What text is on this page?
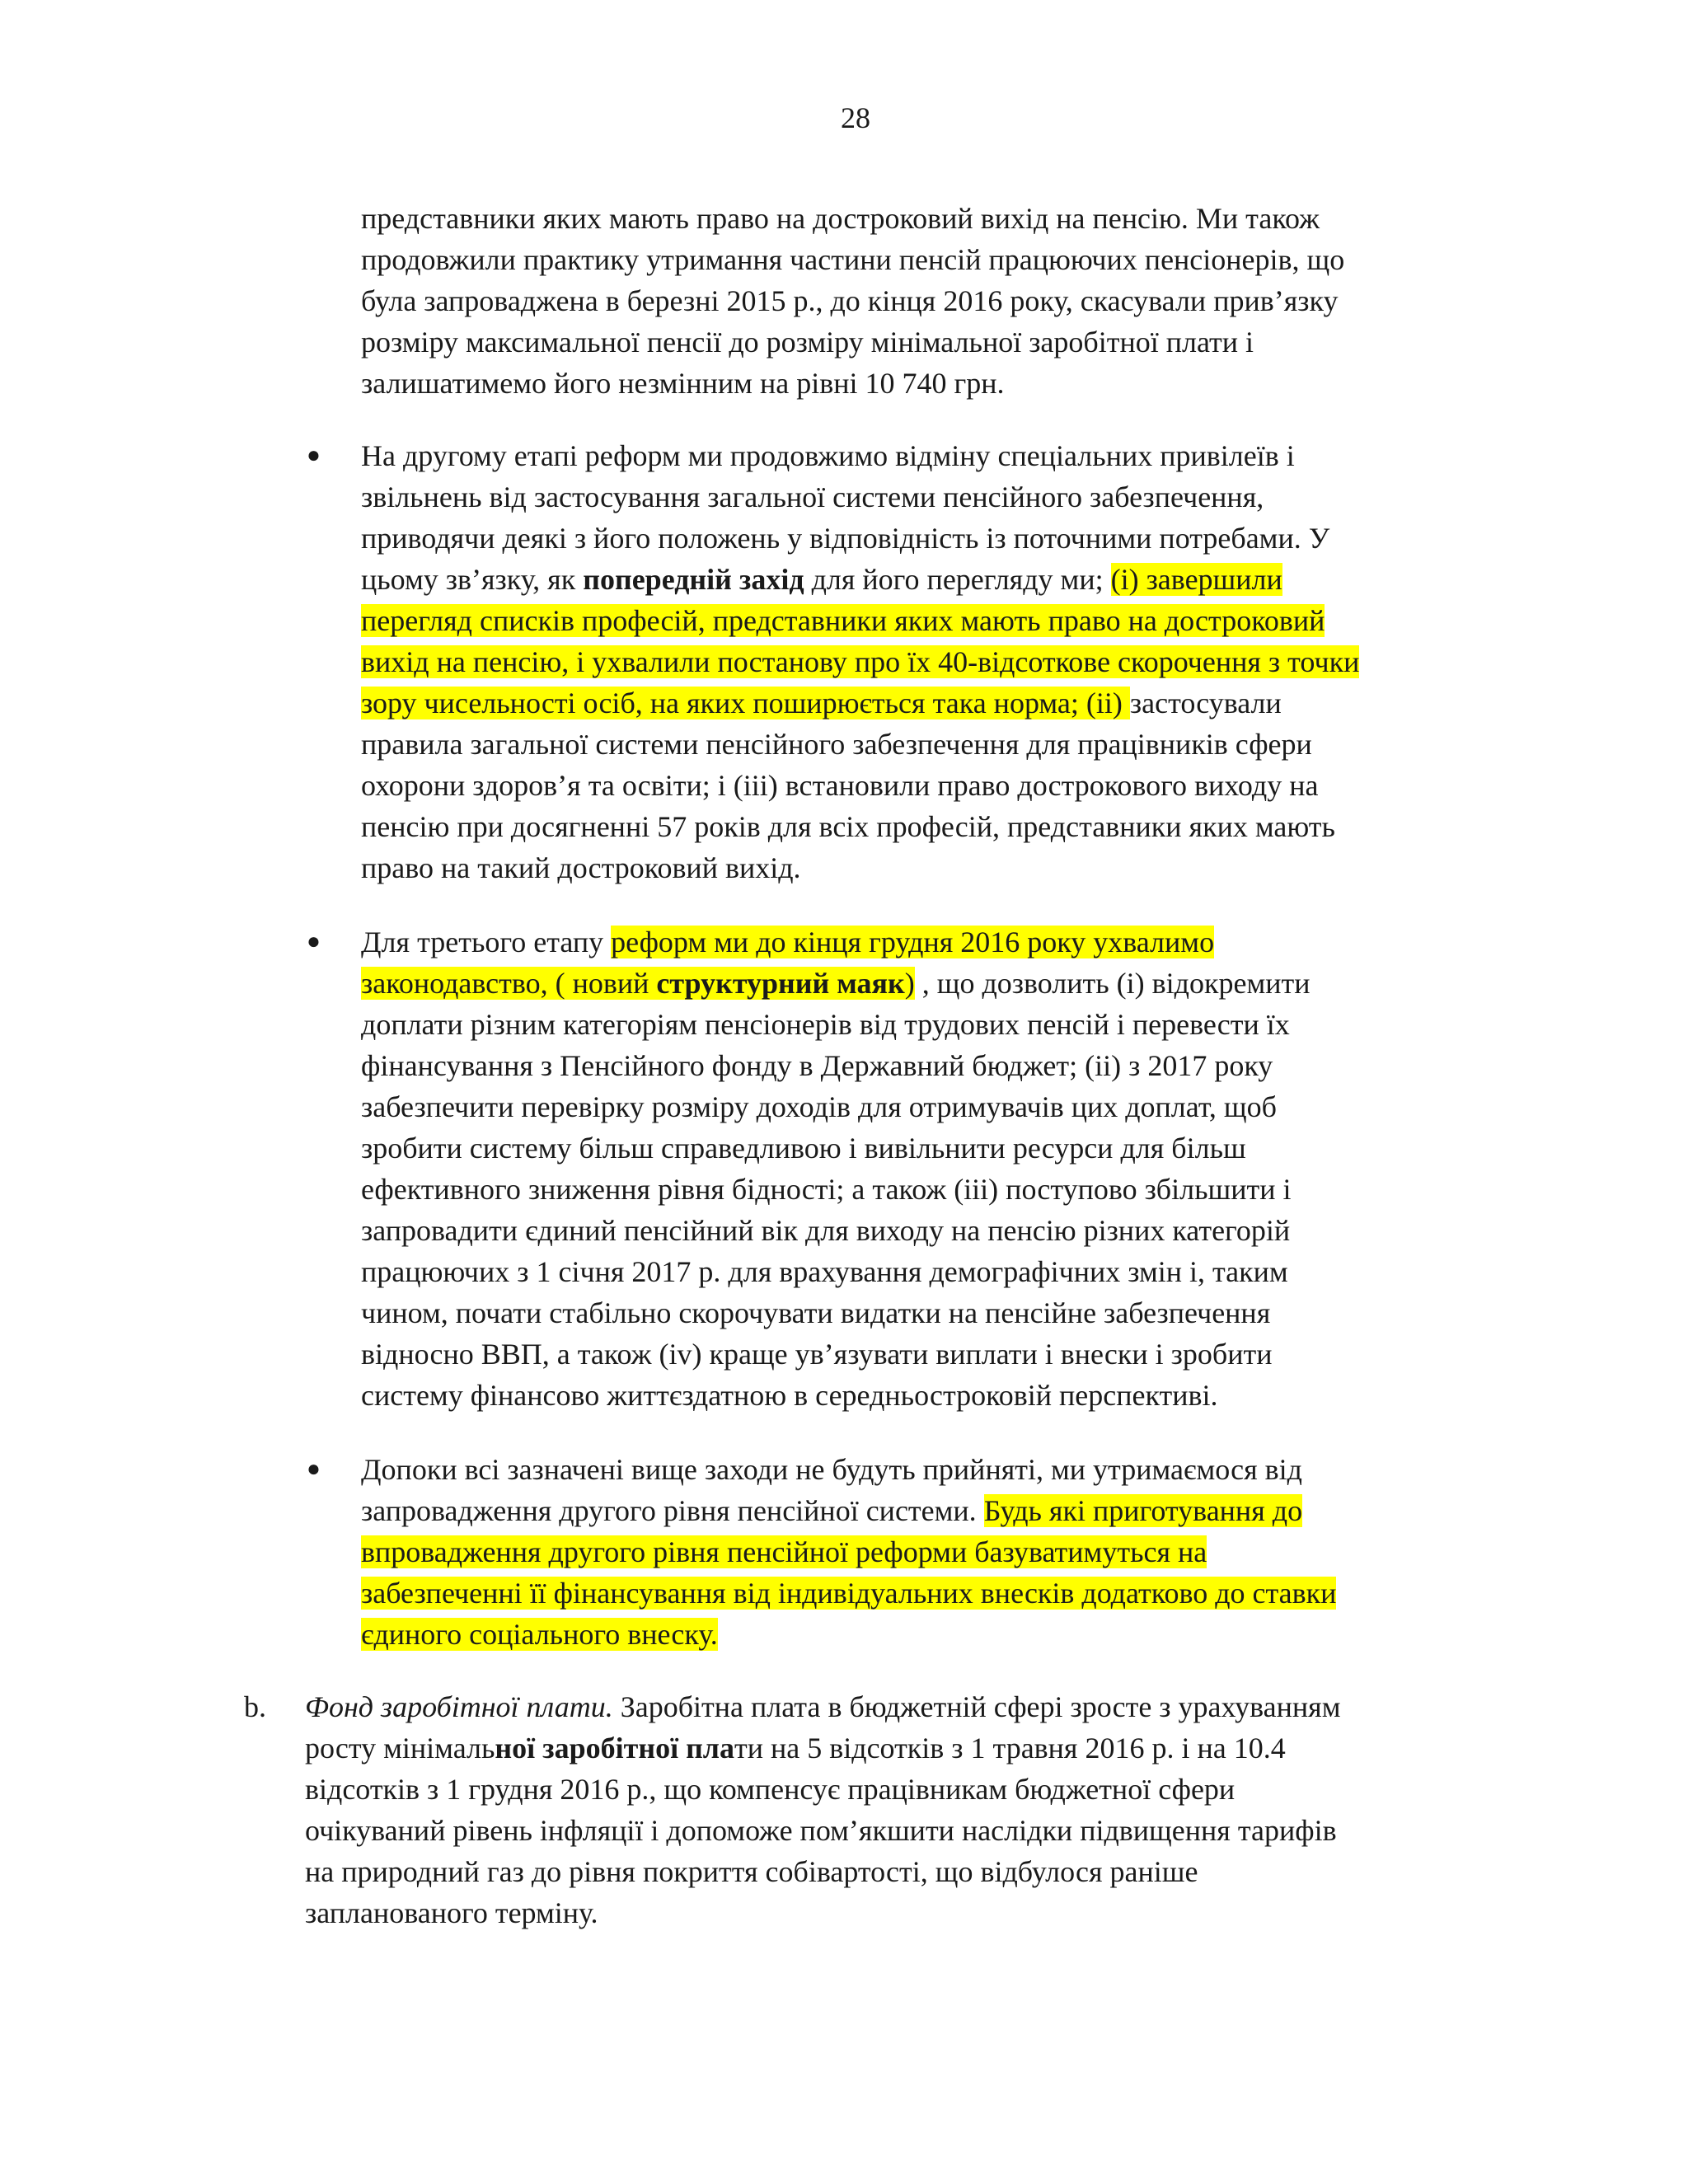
28
представники яких мають право на достроковий вихід на пенсію. Ми також
продовжили практику утримання частини пенсій працюючих пенсіонерів, що
була запроваджена в березні 2015 р., до кінця 2016 року, скасували прив’язку
розміру максимальної пенсії до розміру мінімальної заробітної плати і
залишатимемо його незмінним на рівні 10 740 грн.
●	На другому етапі реформ ми продовжимо відміну спеціальних привілеїв і
звільнень від застосування загальної системи пенсійного забезпечення,
приводячи деякі з його положень у відповідність із поточними потребами. У
цьому зв’язку, як попередній захід для його перегляду ми; (і) завершили
перегляд списків професій, представники яких мають право на достроковий
вихід на пенсію, і ухвалили постанову про їх 40-відсоткове скорочення з точки
зору чисельності осіб, на яких поширюється така норма; (іі) застосували
правила загальної системи пенсійного забезпечення для працівників сфери
охорони здоров’я та освіти; і (ііі) встановили право дострокового виходу на
пенсію при досягненні 57 років для всіх професій, представники яких мають
право на такий достроковий вихід.
●	Для третього етапу реформ ми до кінця грудня 2016 року ухвалимо
законодавство, ( новий структурний маяк) , що дозволить (і) відокремити
доплати різним категоріям пенсіонерів від трудових пенсій і перевести їх
фінансування з Пенсійного фонду в Державний бюджет; (іі) з 2017 року
забезпечити перевірку розміру доходів для отримувачів цих доплат, щоб
зробити систему більш справедливою і вивільнити ресурси для більш
ефективного зниження рівня бідності; а також (iii) поступово збільшити і
запровадити єдиний пенсійний вік для виходу на пенсію різних категорій
працюючих з 1 січня 2017 р. для врахування демографічних змін і, таким
чином, почати стабільно скорочувати видатки на пенсійне забезпечення
відносно ВВП, а також (iv) краще ув’язувати виплати і внески і зробити
систему фінансово життєздатною в середньостроковій перспективі.
●	Допоки всі зазначені вище заходи не будуть прийняті, ми утримаємося від
запровадження другого рівня пенсійної системи. Будь які приготування до
впровадження другого рівня пенсійної реформи базуватимуться на
забезпеченні її фінансування від індивідуальних внесків додатково до ставки
єдиного соціального внеску.
b. Фонд заробітної плати. Заробітна плата в бюджетній сфері зросте з урахуванням
росту мінімальної заробітної плати на 5 відсотків з 1 травня 2016 р. і на 10.4
відсотків з 1 грудня 2016 р., що компенсує працівникам бюджетної сфери
очікуваний рівень інфляції і допоможе пом’якшити наслідки підвищення тарифів
на природний газ до рівня покриття собівартості, що відбулося раніше
запланованого терміну.
